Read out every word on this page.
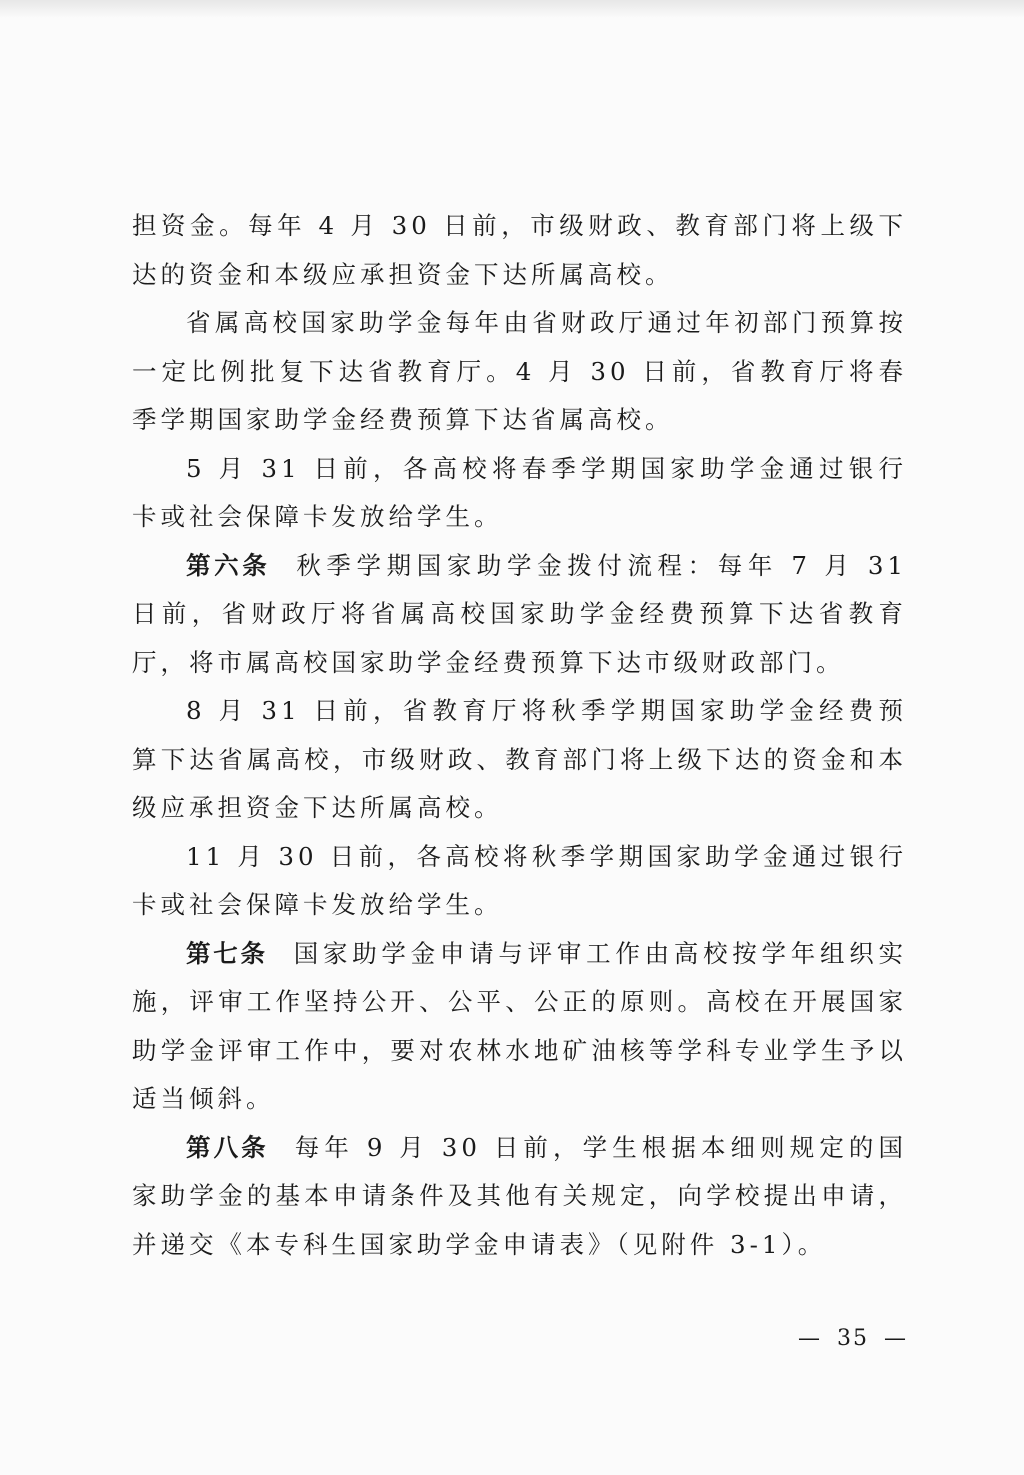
担资金。每年 4 月 30 日前，市级财政、教育部门将上级下达的资金和本级应承担资金下达所属高校。

省属高校国家助学金每年由省财政厅通过年初部门预算按一定比例批复下达省教育厅。4 月 30 日前，省教育厅将春季学期国家助学金经费预算下达省属高校。

5 月 31 日前，各高校将春季学期国家助学金通过银行卡或社会保障卡发放给学生。

第六条 秋季学期国家助学金拨付流程：每年 7 月 31 日前，省财政厅将省属高校国家助学金经费预算下达省教育厅，将市属高校国家助学金经费预算下达市级财政部门。

8 月 31 日前，省教育厅将秋季学期国家助学金经费预算下达省属高校，市级财政、教育部门将上级下达的资金和本级应承担资金下达所属高校。

11 月 30 日前，各高校将秋季学期国家助学金通过银行卡或社会保障卡发放给学生。

第七条 国家助学金申请与评审工作由高校按学年组织实施，评审工作坚持公开、公平、公正的原则。高校在开展国家助学金评审工作中，要对农林水地矿油核等学科专业学生予以适当倾斜。

第八条 每年 9 月 30 日前，学生根据本细则规定的国家助学金的基本申请条件及其他有关规定，向学校提出申请，并递交《本专科生国家助学金申请表》（见附件 3-1）。

— 35 —
